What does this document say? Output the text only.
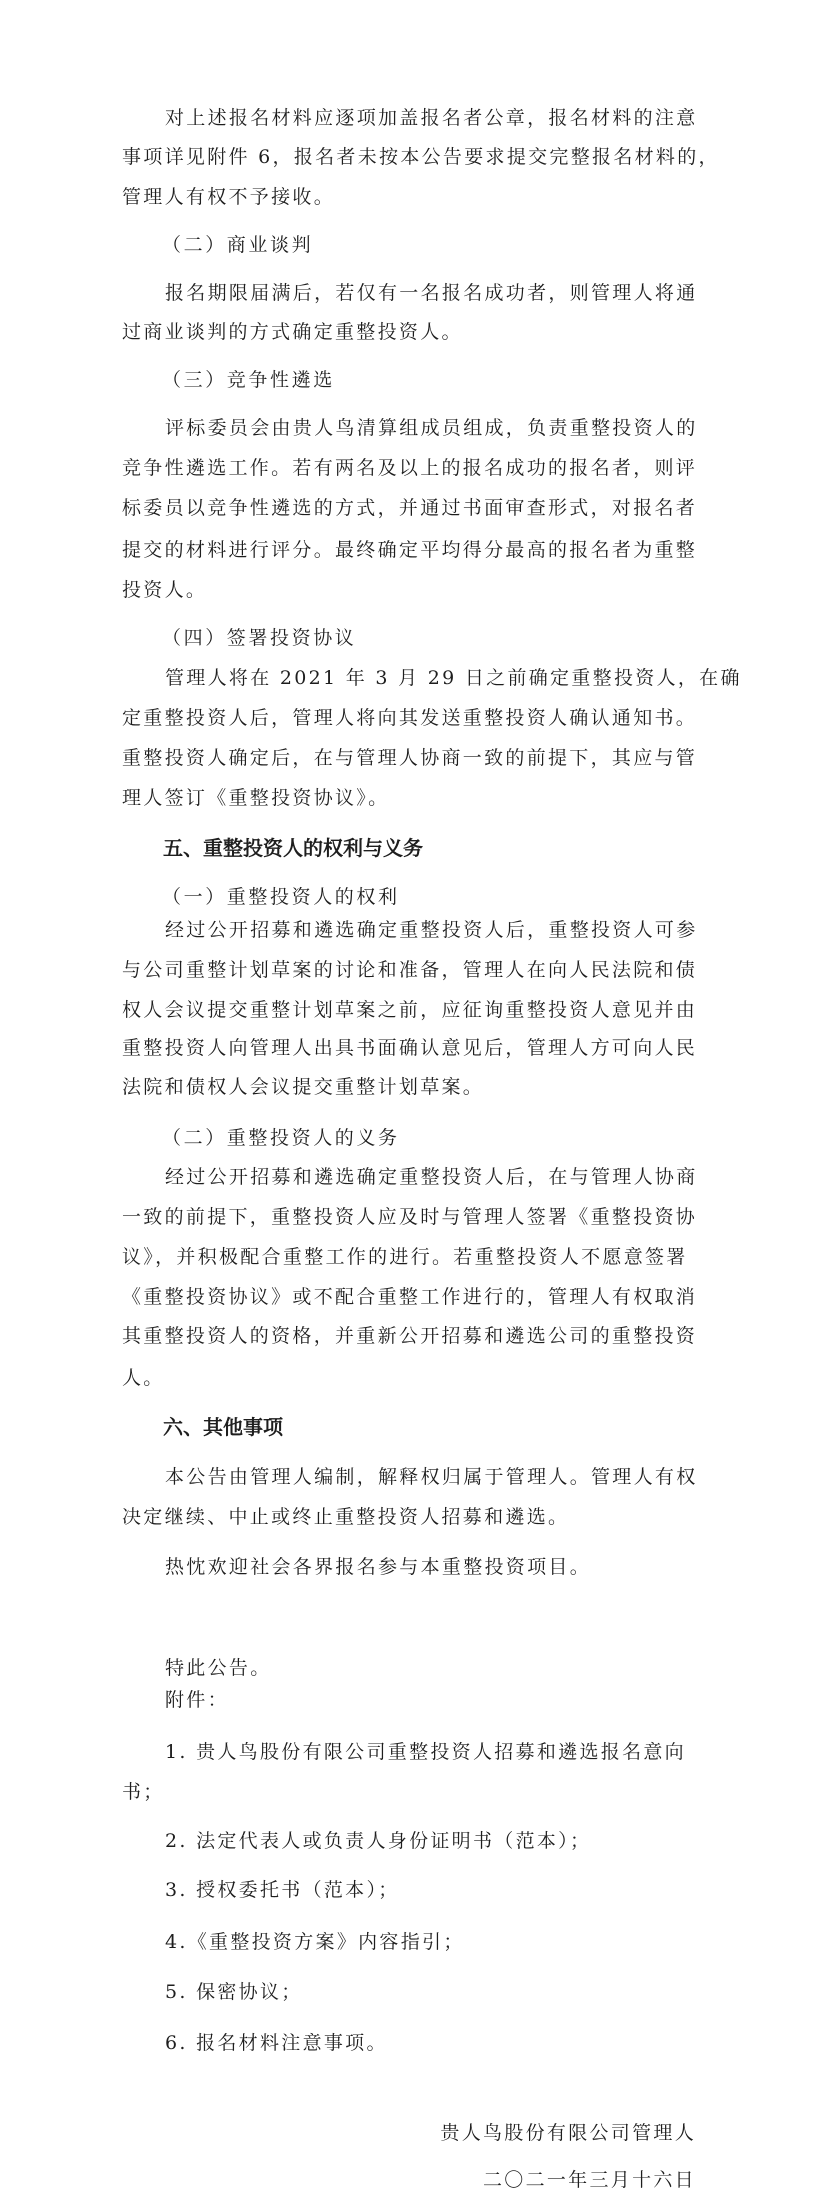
对上述报名材料应逐项加盖报名者公章，报名材料的注意
事项详见附件 6，报名者未按本公告要求提交完整报名材料的，
管理人有权不予接收。
（二）商业谈判
报名期限届满后，若仅有一名报名成功者，则管理人将通
过商业谈判的方式确定重整投资人。
（三）竞争性遴选
评标委员会由贵人鸟清算组成员组成，负责重整投资人的
竞争性遴选工作。若有两名及以上的报名成功的报名者，则评
标委员以竞争性遴选的方式，并通过书面审查形式，对报名者
提交的材料进行评分。最终确定平均得分最高的报名者为重整
投资人。
（四）签署投资协议
管理人将在 2021 年 3 月 29 日之前确定重整投资人，在确
定重整投资人后，管理人将向其发送重整投资人确认通知书。
重整投资人确定后，在与管理人协商一致的前提下，其应与管
理人签订《重整投资协议》。
五、重整投资人的权利与义务
（一）重整投资人的权利
经过公开招募和遴选确定重整投资人后，重整投资人可参
与公司重整计划草案的讨论和准备，管理人在向人民法院和债
权人会议提交重整计划草案之前，应征询重整投资人意见并由
重整投资人向管理人出具书面确认意见后，管理人方可向人民
法院和债权人会议提交重整计划草案。
（二）重整投资人的义务
经过公开招募和遴选确定重整投资人后，在与管理人协商
一致的前提下，重整投资人应及时与管理人签署《重整投资协
议》，并积极配合重整工作的进行。若重整投资人不愿意签署
《重整投资协议》或不配合重整工作进行的，管理人有权取消
其重整投资人的资格，并重新公开招募和遴选公司的重整投资
人。
六、其他事项
本公告由管理人编制，解释权归属于管理人。管理人有权
决定继续、中止或终止重整投资人招募和遴选。
热忱欢迎社会各界报名参与本重整投资项目。
特此公告。
附件：
1. 贵人鸟股份有限公司重整投资人招募和遴选报名意向
书；
2. 法定代表人或负责人身份证明书（范本）；
3. 授权委托书（范本）；
4.《重整投资方案》内容指引；
5. 保密协议；
6. 报名材料注意事项。
贵人鸟股份有限公司管理人
二〇二一年三月十六日
